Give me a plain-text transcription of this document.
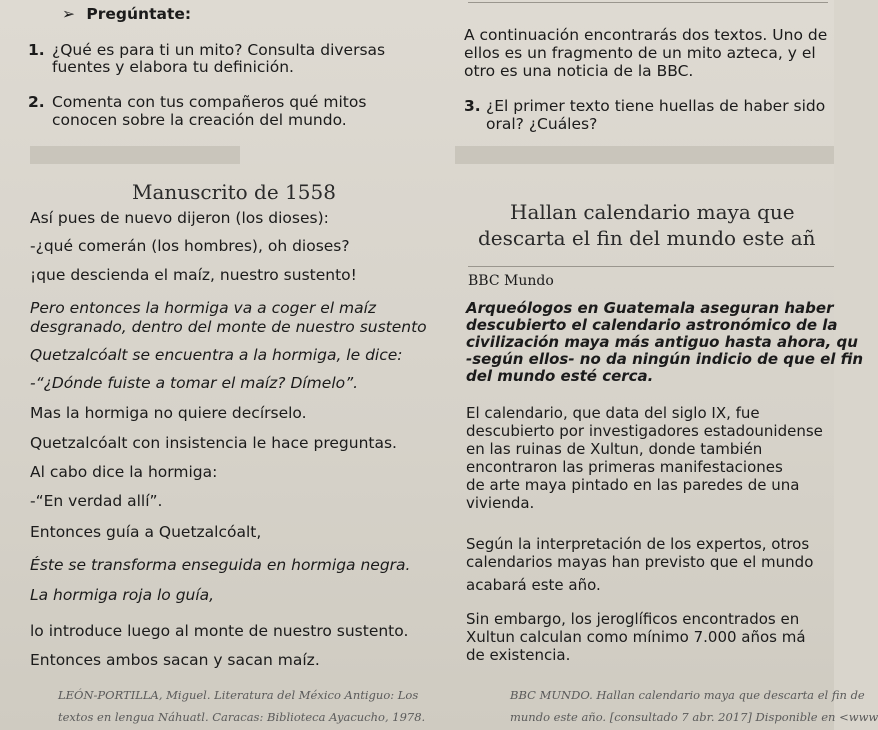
➢ Pregúntate:
1. ¿Qué es para ti un mito? Consulta diversas
fuentes y elabora tu definición.
2. Comenta con tus compañeros qué mitos
conocen sobre la creación del mundo.
A continuación encontrarás dos textos. Uno de
ellos es un fragmento de un mito azteca, y el
otro es una noticia de la BBC.
3. ¿El primer texto tiene huellas de haber sido
oral? ¿Cuáles?
Manuscrito de 1558
Así pues de nuevo dijeron (los dioses):
-¿qué comerán (los hombres), oh dioses?
¡que descienda el maíz, nuestro sustento!
Pero entonces la hormiga va a coger el maíz
desgranado, dentro del monte de nuestro sustento
Quetzalcóalt se encuentra a la hormiga, le dice:
-“¿Dónde fuiste a tomar el maíz? Dímelo”.
Mas la hormiga no quiere decírselo.
Quetzalcóalt con insistencia le hace preguntas.
Al cabo dice la hormiga:
-“En verdad allí”.
Entonces guía a Quetzalcóalt,
Éste se transforma enseguida en hormiga negra.
La hormiga roja lo guía,
lo introduce luego al monte de nuestro sustento.
Entonces ambos sacan y sacan maíz.
LEÓN-PORTILLA, Miguel. Literatura del México Antiguo: Los
textos en lengua Náhuatl. Caracas: Biblioteca Ayacucho, 1978.
Hallan calendario maya que
descarta el fin del mundo este añ
BBC Mundo
Arqueólogos en Guatemala aseguran haber
descubierto el calendario astronómico de la
civilización maya más antiguo hasta ahora, qu
-según ellos- no da ningún indicio de que el fin
del mundo esté cerca.
El calendario, que data del siglo IX, fue
descubierto por investigadores estadounidense
en las ruinas de Xultun, donde también
encontraron las primeras manifestaciones
de arte maya pintado en las paredes de una
vivienda.
Según la interpretación de los expertos, otros
calendarios mayas han previsto que el mundo
acabará este año.
Sin embargo, los jeroglíficos encontrados en
Xultun calculan como mínimo 7.000 años má
de existencia.
BBC MUNDO. Hallan calendario maya que descarta el fin de
mundo este año. [consultado 7 abr. 2017] Disponible en <www
